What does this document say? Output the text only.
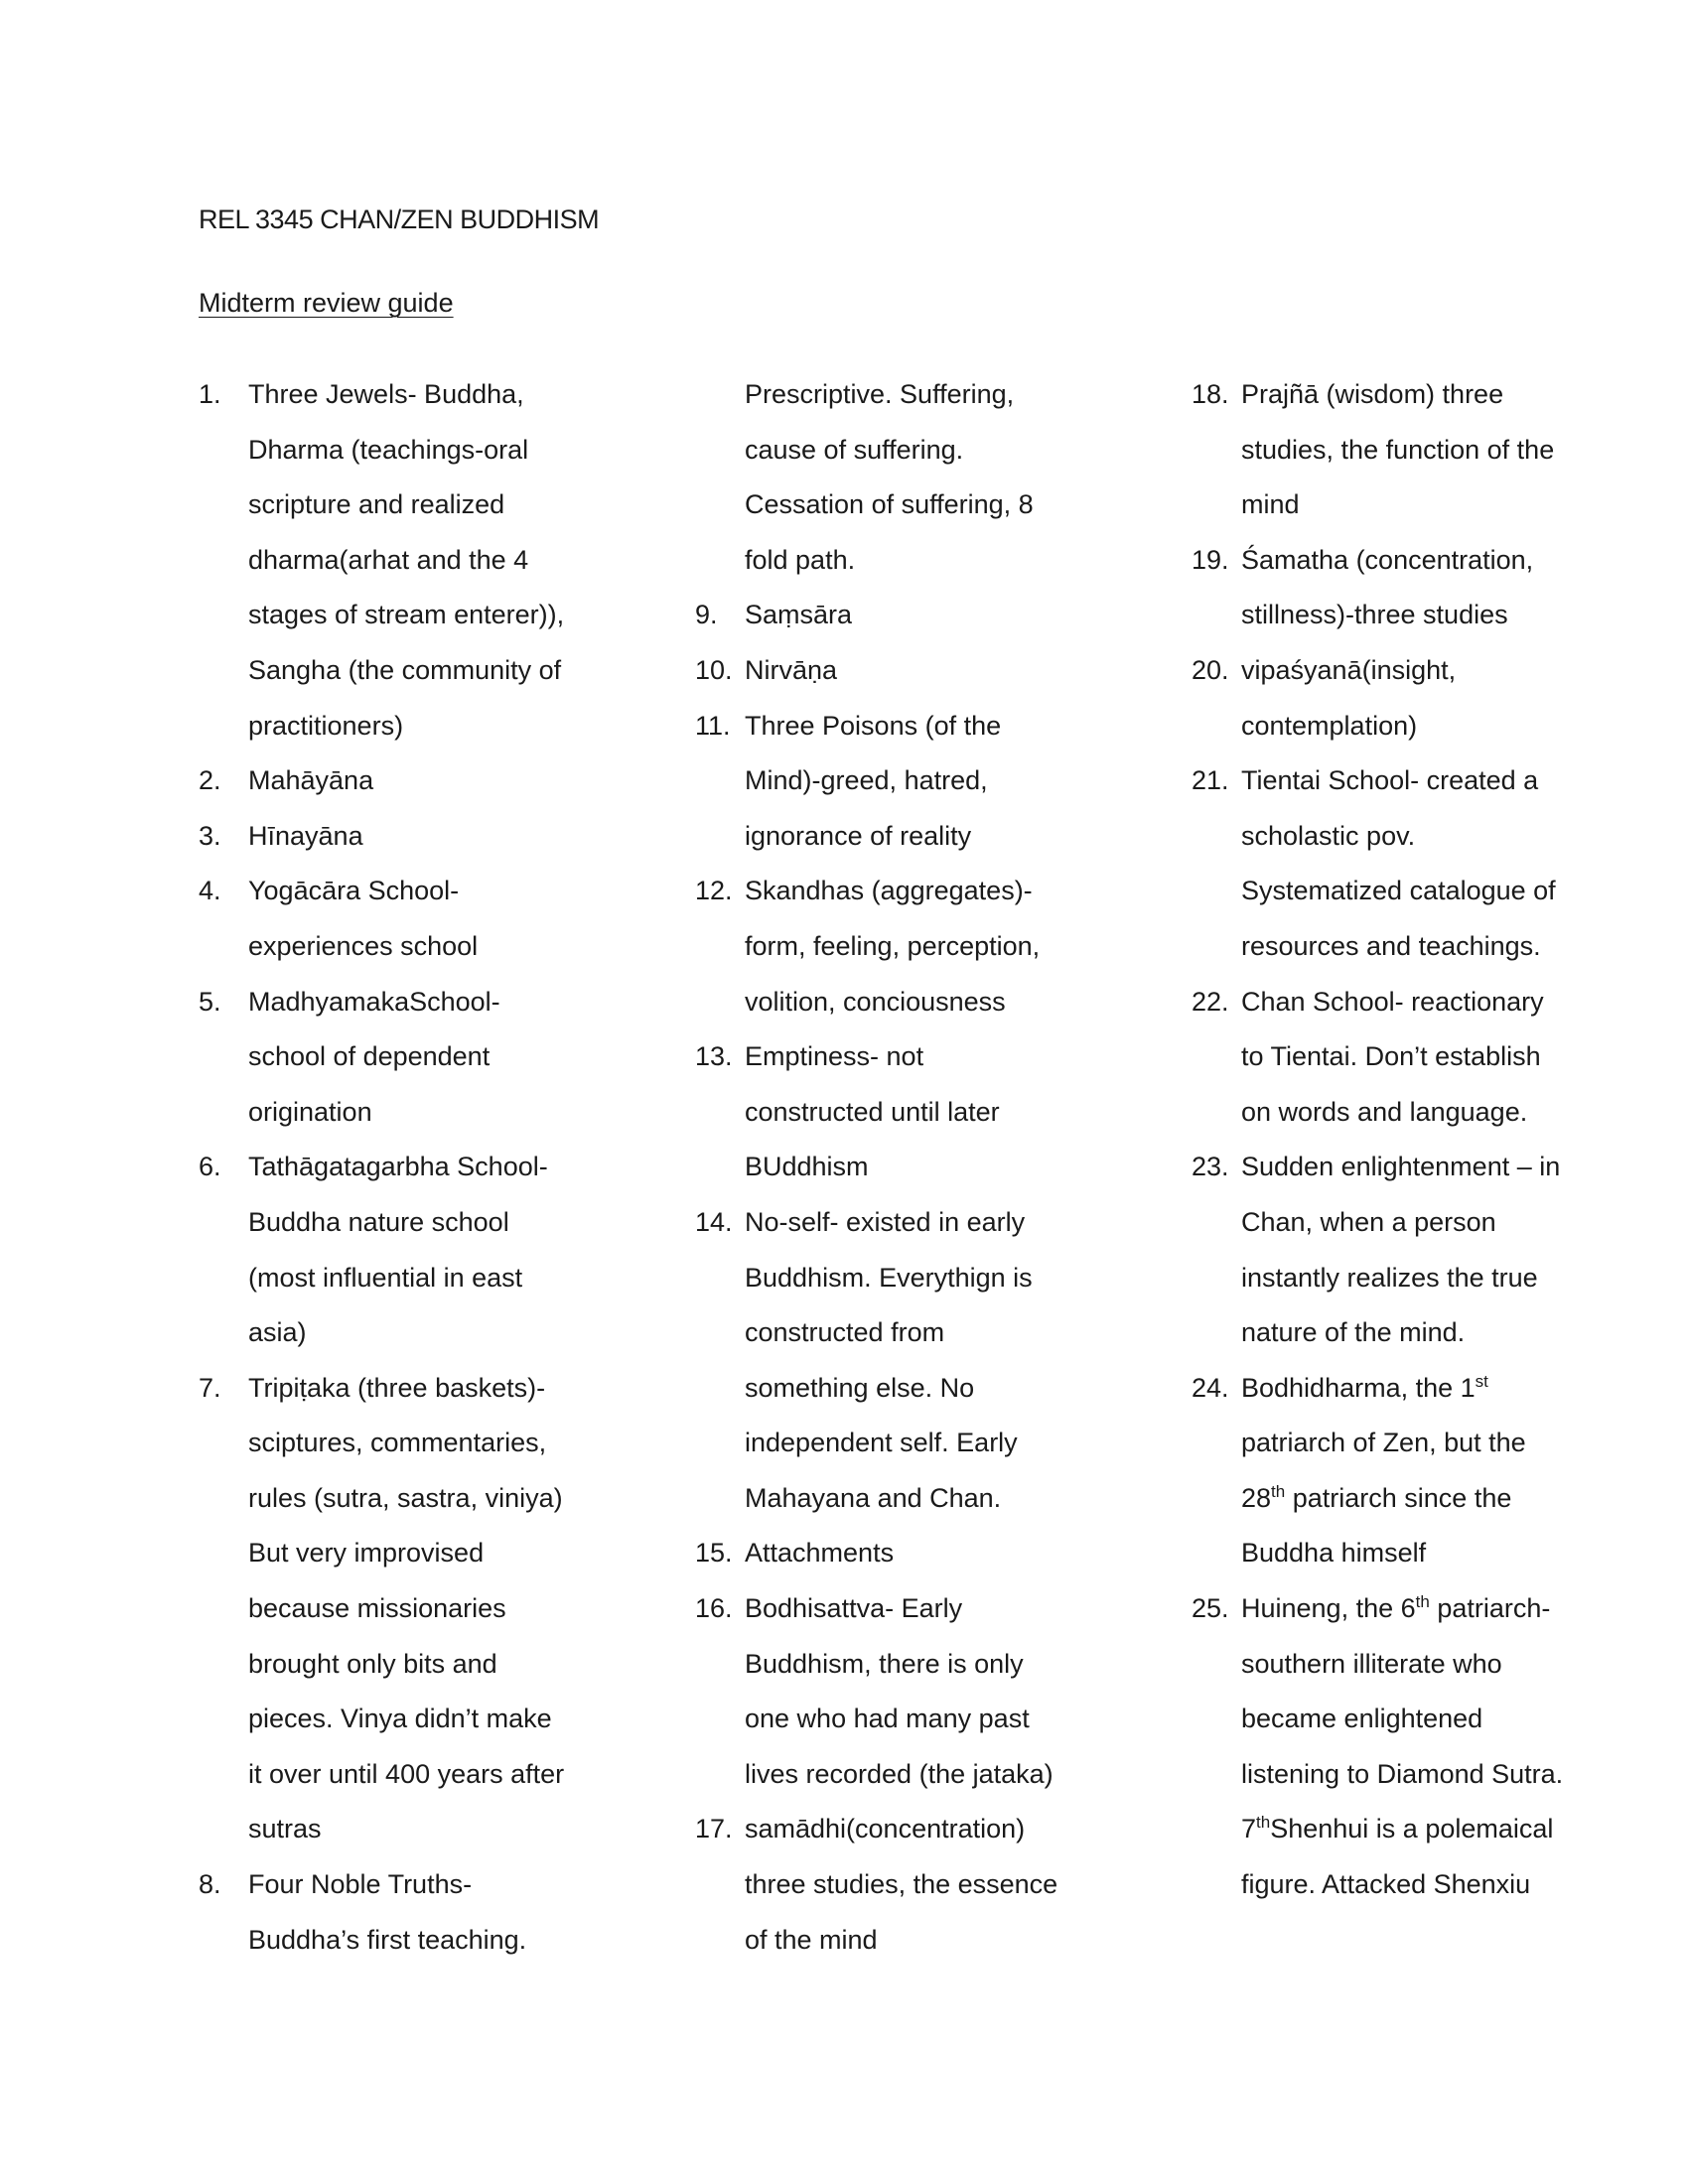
REL 3345 CHAN/ZEN BUDDHISM
Midterm review guide
1. Three Jewels- Buddha,
Dharma (teachings-oral
scripture and realized
dharma(arhat and the 4
stages of stream enterer)),
Sangha (the community of
practitioners)
2. Mahāyāna
3. Hīnayāna
4. Yogācāra School-
experiences school
5. MadhyamakaSchool-
school of dependent
origination
6. Tathāgatagarbha School-
Buddha nature school
(most influential in east
asia)
7. Tripiṭaka (three baskets)-
sciptures, commentaries,
rules (sutra, sastra, viniya)
But very improvised
because missionaries
brought only bits and
pieces. Vinya didn’t make
it over until 400 years after
sutras
8. Four Noble Truths-
Buddha’s first teaching.
Prescriptive. Suffering,
cause of suffering.
Cessation of suffering, 8
fold path.
9. Saṃsāra
10. Nirvāṇa
11. Three Poisons (of the
Mind)-greed, hatred,
ignorance of reality
12. Skandhas (aggregates)-
form, feeling, perception,
volition, conciousness
13. Emptiness- not
constructed until later
BUddhism
14. No-self- existed in early
Buddhism. Everythign is
constructed from
something else. No
independent self. Early
Mahayana and Chan.
15. Attachments
16. Bodhisattva- Early
Buddhism, there is only
one who had many past
lives recorded (the jataka)
17. samādhi(concentration)
three studies, the essence
of the mind
18. Prajñā (wisdom) three
studies, the function of the
mind
19. Śamatha (concentration,
stillness)-three studies
20. vipaśyanā(insight,
contemplation)
21. Tientai School- created a
scholastic pov.
Systematized catalogue of
resources and teachings.
22. Chan School- reactionary
to Tientai. Don’t establish
on words and language.
23. Sudden enlightenment – in
Chan, when a person
instantly realizes the true
nature of the mind.
24. Bodhidharma, the 1st
patriarch of Zen, but the
28th patriarch since the
Buddha himself
25. Huineng, the 6th patriarch-
southern illiterate who
became enlightened
listening to Diamond Sutra.
7thShenhui is a polemaical
figure. Attacked Shenxiu
